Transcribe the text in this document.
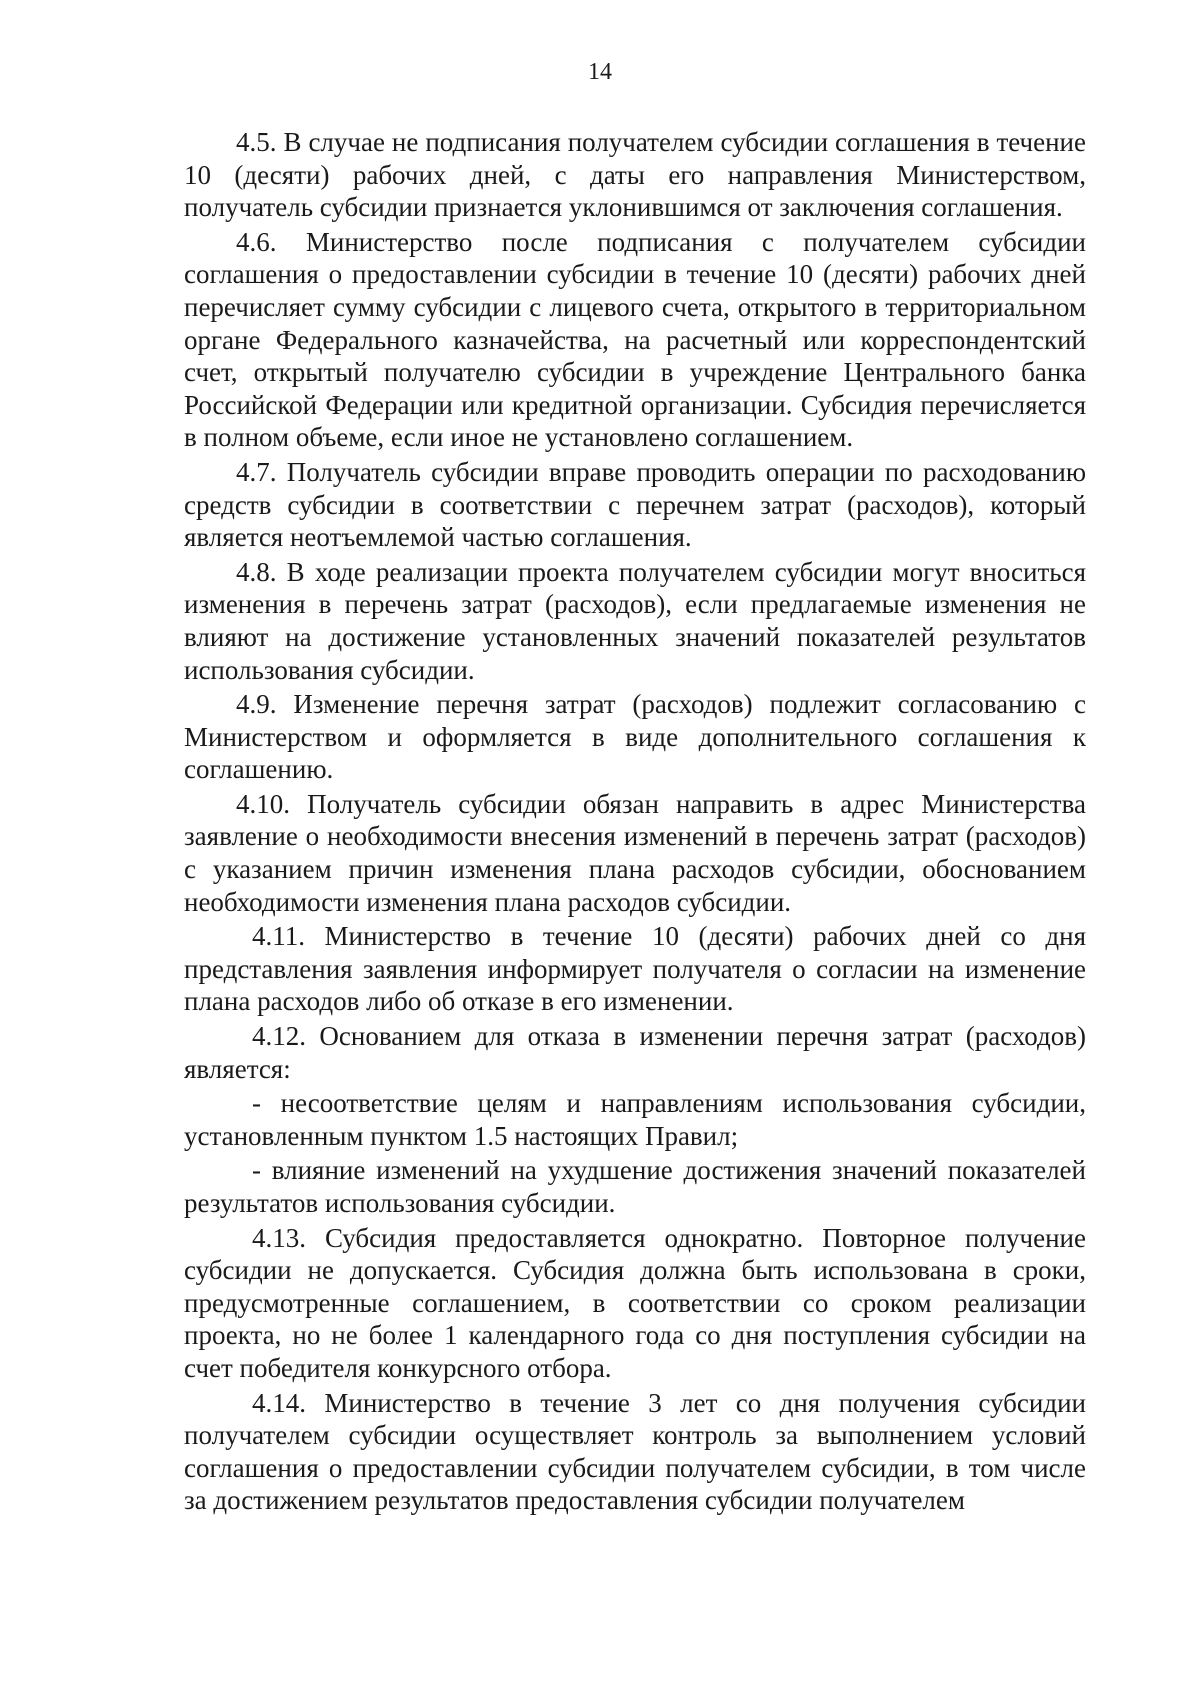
14

4.5. В случае не подписания получателем субсидии соглашения в течение 10 (десяти) рабочих дней, с даты его направления Министерством, получатель субсидии признается уклонившимся от заключения соглашения.

4.6. Министерство после подписания с получателем субсидии соглашения о предоставлении субсидии в течение 10 (десяти) рабочих дней перечисляет сумму субсидии с лицевого счета, открытого в территориальном органе Федерального казначейства, на расчетный или корреспондентский счет, открытый получателю субсидии в учреждение Центрального банка Российской Федерации или кредитной организации. Субсидия перечисляется в полном объеме, если иное не установлено соглашением.

4.7. Получатель субсидии вправе проводить операции по расходованию средств субсидии в соответствии с перечнем затрат (расходов), который является неотъемлемой частью соглашения.

4.8. В ходе реализации проекта получателем субсидии могут вноситься изменения в перечень затрат (расходов), если предлагаемые изменения не влияют на достижение установленных значений показателей результатов использования субсидии.

4.9. Изменение перечня затрат (расходов) подлежит согласованию с Министерством и оформляется в виде дополнительного соглашения к соглашению.

4.10. Получатель субсидии обязан направить в адрес Министерства заявление о необходимости внесения изменений в перечень затрат (расходов) с указанием причин изменения плана расходов субсидии, обоснованием необходимости изменения плана расходов субсидии.

4.11. Министерство в течение 10 (десяти) рабочих дней со дня представления заявления информирует получателя о согласии на изменение плана расходов либо об отказе в его изменении.

4.12. Основанием для отказа в изменении перечня затрат (расходов) является:

- несоответствие целям и направлениям использования субсидии, установленным пунктом 1.5 настоящих Правил;

- влияние изменений на ухудшение достижения значений показателей результатов использования субсидии.

4.13. Субсидия предоставляется однократно. Повторное получение субсидии не допускается. Субсидия должна быть использована в сроки, предусмотренные соглашением, в соответствии со сроком реализации проекта, но не более 1 календарного года со дня поступления субсидии на счет победителя конкурсного отбора.

4.14. Министерство в течение 3 лет со дня получения субсидии получателем субсидии осуществляет контроль за выполнением условий соглашения о предоставлении субсидии получателем субсидии, в том числе за достижением результатов предоставления субсидии получателем
